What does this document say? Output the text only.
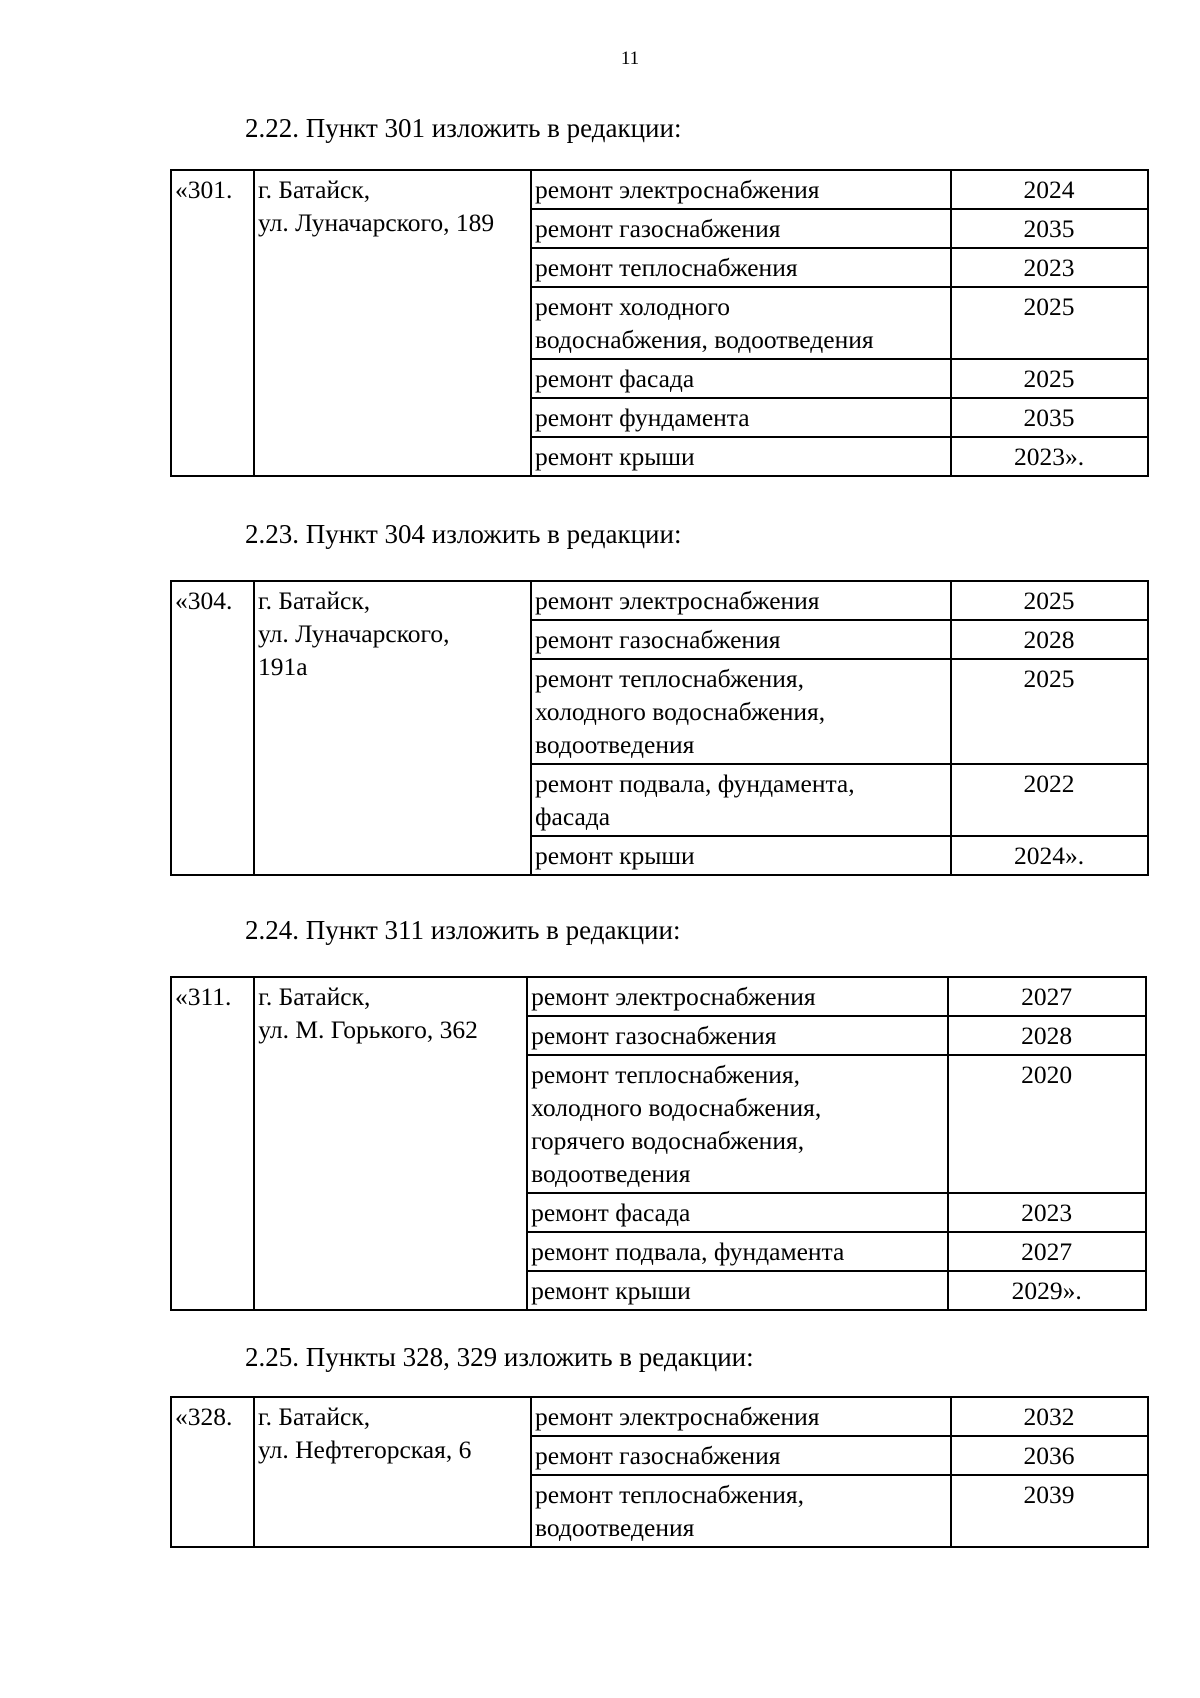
11
2.22. Пункт 301 изложить в редакции:
«301.	г. Батайск,
ул. Луначарского, 189	ремонт электроснабжения	2024
		ремонт газоснабжения	2035
		ремонт теплоснабжения	2023
		ремонт холодного
водоснабжения, водоотведения	2025
		ремонт фасада	2025
		ремонт фундамента	2035
		ремонт крыши	2023».
2.23. Пункт 304 изложить в редакции:
«304.	г. Батайск,
ул. Луначарского,
191а	ремонт электроснабжения	2025
		ремонт газоснабжения	2028
		ремонт теплоснабжения,
холодного водоснабжения,
водоотведения	2025
		ремонт подвала, фундамента,
фасада	2022
		ремонт крыши	2024».
2.24. Пункт 311 изложить в редакции:
«311.	г. Батайск,
ул. М. Горького, 362	ремонт электроснабжения	2027
		ремонт газоснабжения	2028
		ремонт теплоснабжения,
холодного водоснабжения,
горячего водоснабжения,
водоотведения	2020
		ремонт фасада	2023
		ремонт подвала, фундамента	2027
		ремонт крыши	2029».
2.25. Пункты 328, 329 изложить в редакции:
«328.	г. Батайск,
ул. Нефтегорская, 6	ремонт электроснабжения	2032
		ремонт газоснабжения	2036
		ремонт теплоснабжения,
водоотведения	2039
